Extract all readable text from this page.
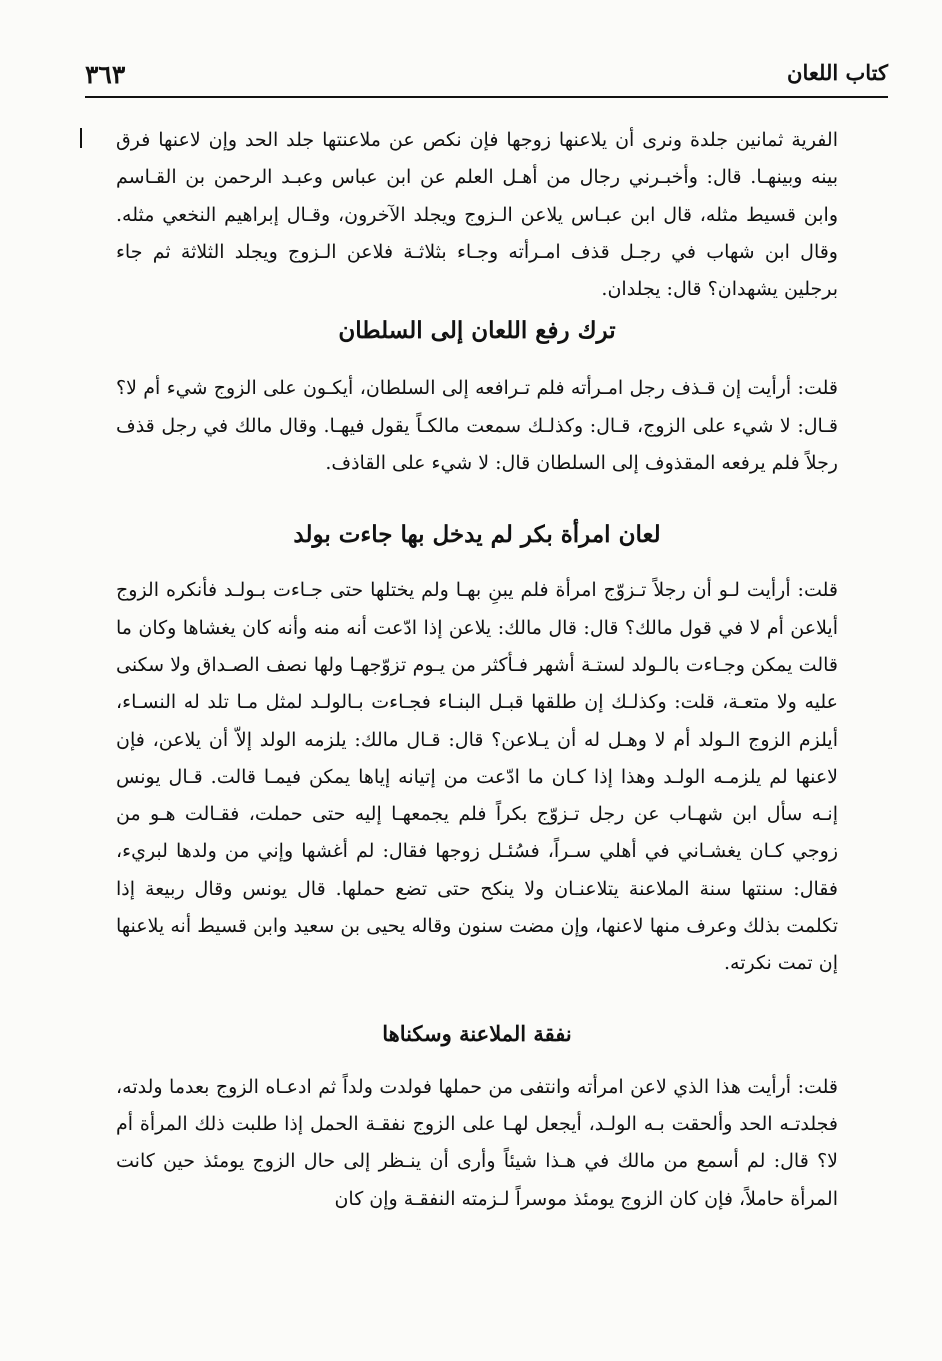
٣٦٣	كتاب اللعان

الفرية ثمانين جلدة ونرى أن يلاعنها زوجها فإن نكص عن ملاعنتها جلد الحد وإن لاعنها فرق بينه وبينهـا. قال: وأخبـرني رجال من أهـل العلم عن ابن عباس وعبـد الرحمن بن القـاسم وابن قسيط مثله، قال ابن عبـاس يلاعن الـزوج ويجلد الآخرون، وقـال إبراهيم النخعي مثله. وقال ابن شهاب في رجـل قذف امـرأته وجـاء بثلاثـة فلاعن الـزوج ويجلد الثلاثة ثم جاء برجلين يشهدان؟ قال: يجلدان.

ترك رفع اللعان إلى السلطان

قلت: أرأيت إن قـذف رجل امـرأته فلم تـرافعه إلى السلطان، أيكـون على الزوج شيء أم لا؟ قـال: لا شيء على الزوج، قـال: وكذلـك سمعت مالكـاً يقول فيهـا. وقال مالك في رجل قذف رجلاً فلم يرفعه المقذوف إلى السلطان قال: لا شيء على القاذف.

لعان امرأة بكر لم يدخل بها جاءت بولد

قلت: أرأيت لـو أن رجلاً تـزوّج امرأة فلم يبنِ بهـا ولم يختلها حتى جـاءت بـولـد فأنكره الزوج أيلاعن أم لا في قول مالك؟ قال: قال مالك: يلاعن إذا ادّعت أنه منه وأنه كان يغشاها وكان ما قالت يمكن وجـاءت بالـولد لستـة أشهر فـأكثر من يـوم تزوّجهـا ولها نصف الصـداق ولا سكنى عليه ولا متعـة، قلت: وكذلـك إن طلقها قبـل البنـاء فجـاءت بـالولـد لمثل مـا تلد له النسـاء، أيلزم الزوج الـولد أم لا وهـل له أن يـلاعن؟ قال: قـال مالك: يلزمه الولد إلاّ أن يلاعن، فإن لاعنها لم يلزمـه الولـد وهذا إذا كـان ما ادّعت من إتيانه إياها يمكن فيمـا قالت. قـال يونس إنـه سأل ابن شهـاب عن رجل تـزوّج بكراً فلم يجمعهـا إليه حتى حملت، فقـالت هـو من زوجي كـان يغشـاني في أهلي سـراً، فسُئـل زوجها فقال: لم أغشها وإني من ولدها لبريء، فقال: سنتها سنة الملاعنة يتلاعنـان ولا ينكح حتى تضع حملها. قال يونس وقال ربيعة إذا تكلمت بذلك وعرف منها لاعنها، وإن مضت سنون وقاله يحيى بن سعيد وابن قسيط أنه يلاعنها إن تمت نكرته.

نفقة الملاعنة وسكناها

قلت: أرأيت هذا الذي لاعن امرأته وانتفى من حملها فولدت ولداً ثم ادعـاه الزوج بعدما ولدته، فجلدتـه الحد وألحقت بـه الولـد، أيجعل لهـا على الزوج نفقـة الحمل إذا طلبت ذلك المرأة أم لا؟ قال: لم أسمع من مالك في هـذا شيئاً وأرى أن ينـظر إلى حال الزوج يومئذ حين كانت المرأة حاملاً، فإن كان الزوج يومئذ موسراً لـزمته النفقـة وإن كان
